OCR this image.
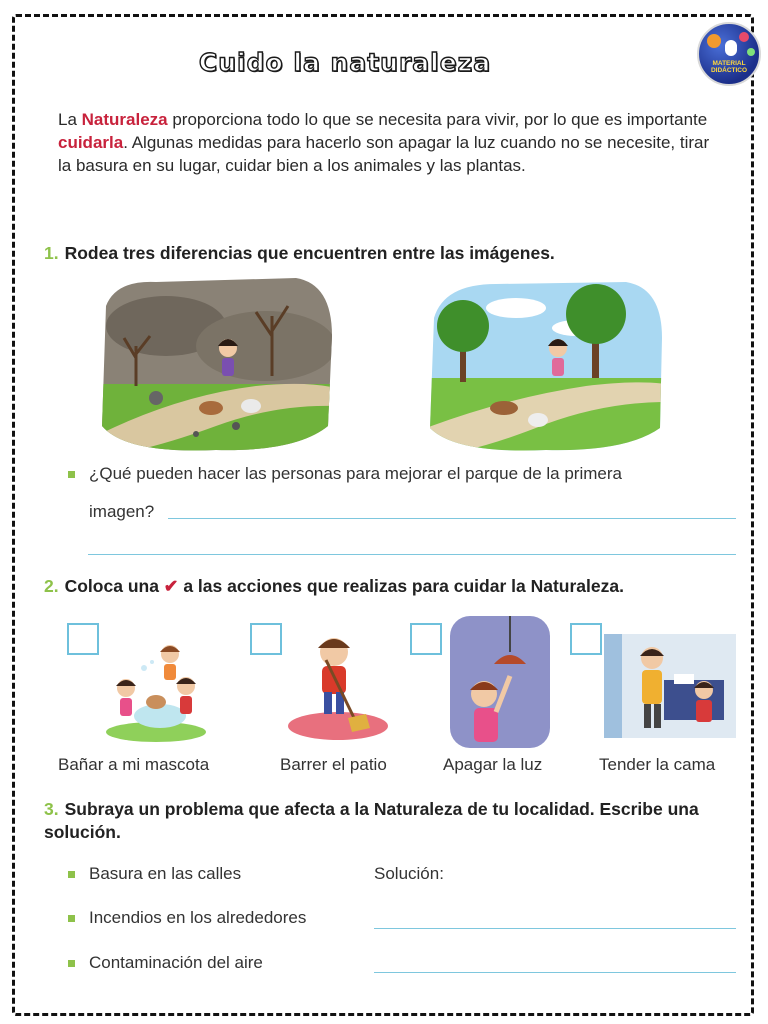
Cuido la naturaleza	MATERIAL DIDÁCTICO
La Naturaleza proporciona todo lo que se necesita para vivir, por lo que es importante cuidarla. Algunas medidas para hacerlo son apagar la luz cuando no se necesite, tirar la basura en su lugar, cuidar bien a los animales y las plantas.
1. Rodea tres diferencias que encuentren entre las imágenes.
¿Qué pueden hacer las personas para mejorar el parque de la primera
imagen?
2. Coloca una ✔ a las acciones que realizas para cuidar la Naturaleza.
Bañar a mi mascota	Barrer el patio	Apagar la luz	Tender la cama
3. Subraya un problema que afecta a la Naturaleza de tu localidad. Escribe una solución.
Basura en las calles
Incendios en los alrededores
Contaminación del aire
Solución:
